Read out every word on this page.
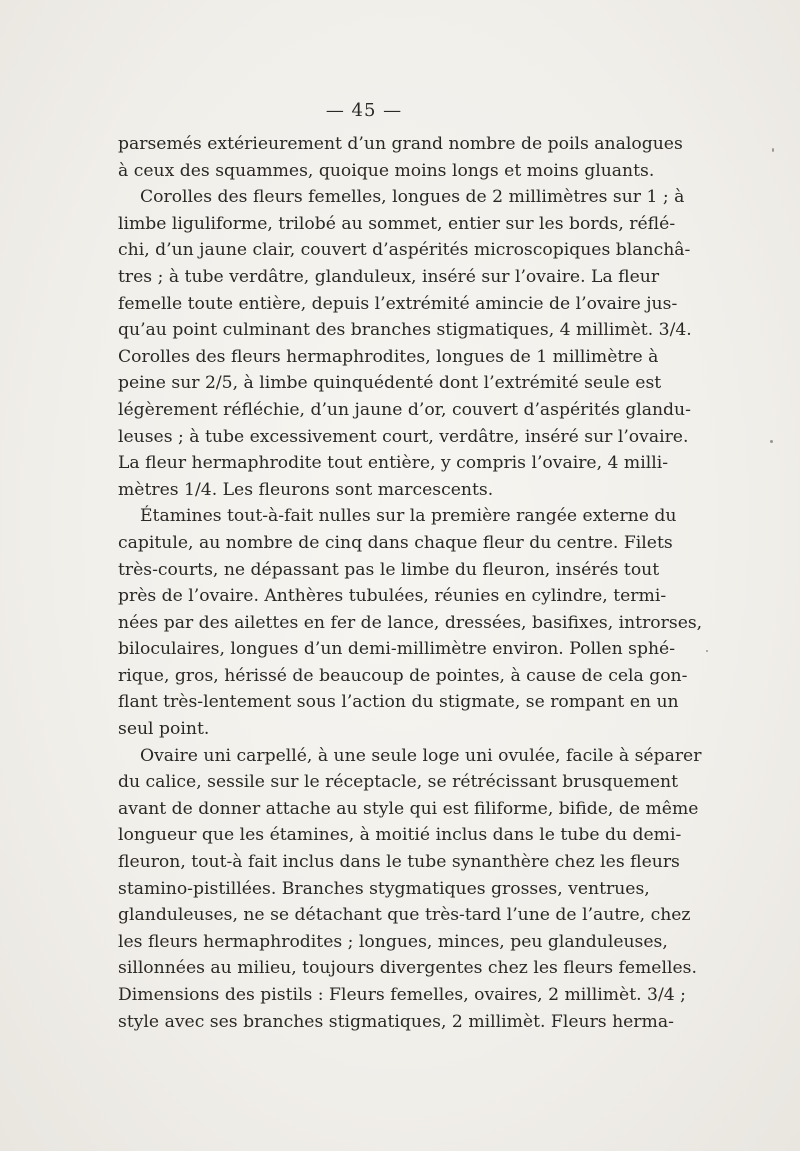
— 45 —
parsemés extérieurement d’un grand nombre de poils analogues
à ceux des squammes, quoique moins longs et moins gluants.
Corolles des fleurs femelles, longues de 2 millimètres sur 1 ; à
limbe liguliforme, trilobé au sommet, entier sur les bords, réflé-
chi, d’un jaune clair, couvert d’aspérités microscopiques blanchâ-
tres ; à tube verdâtre, glanduleux, inséré sur l’ovaire. La fleur
femelle toute entière, depuis l’extrémité amincie de l’ovaire jus-
qu’au point culminant des branches stigmatiques, 4 millimèt. 3/4.
Corolles des fleurs hermaphrodites, longues de 1 millimètre à
peine sur 2/5, à limbe quinquédenté dont l’extrémité seule est
légèrement réfléchie, d’un jaune d’or, couvert d’aspérités glandu-
leuses ; à tube excessivement court, verdâtre, inséré sur l’ovaire.
La fleur hermaphrodite tout entière, y compris l’ovaire, 4 milli-
mètres 1/4. Les fleurons sont marcescents.
Étamines tout-à-fait nulles sur la première rangée externe du
capitule, au nombre de cinq dans chaque fleur du centre. Filets
très-courts, ne dépassant pas le limbe du fleuron, insérés tout
près de l’ovaire. Anthères tubulées, réunies en cylindre, termi-
nées par des ailettes en fer de lance, dressées, basifixes, introrses,
biloculaires, longues d’un demi-millimètre environ. Pollen sphé-
rique, gros, hérissé de beaucoup de pointes, à cause de cela gon-
flant très-lentement sous l’action du stigmate, se rompant en un
seul point.
Ovaire uni carpellé, à une seule loge uni ovulée, facile à séparer
du calice, sessile sur le réceptacle, se rétrécissant brusquement
avant de donner attache au style qui est filiforme, bifide, de même
longueur que les étamines, à moitié inclus dans le tube du demi-
fleuron, tout-à fait inclus dans le tube synanthère chez les fleurs
stamino-pistillées. Branches stygmatiques grosses, ventrues,
glanduleuses, ne se détachant que très-tard l’une de l’autre, chez
les fleurs hermaphrodites ; longues, minces, peu glanduleuses,
sillonnées au milieu, toujours divergentes chez les fleurs femelles.
Dimensions des pistils : Fleurs femelles, ovaires, 2 millimèt. 3/4 ;
style avec ses branches stigmatiques, 2 millimèt. Fleurs herma-
